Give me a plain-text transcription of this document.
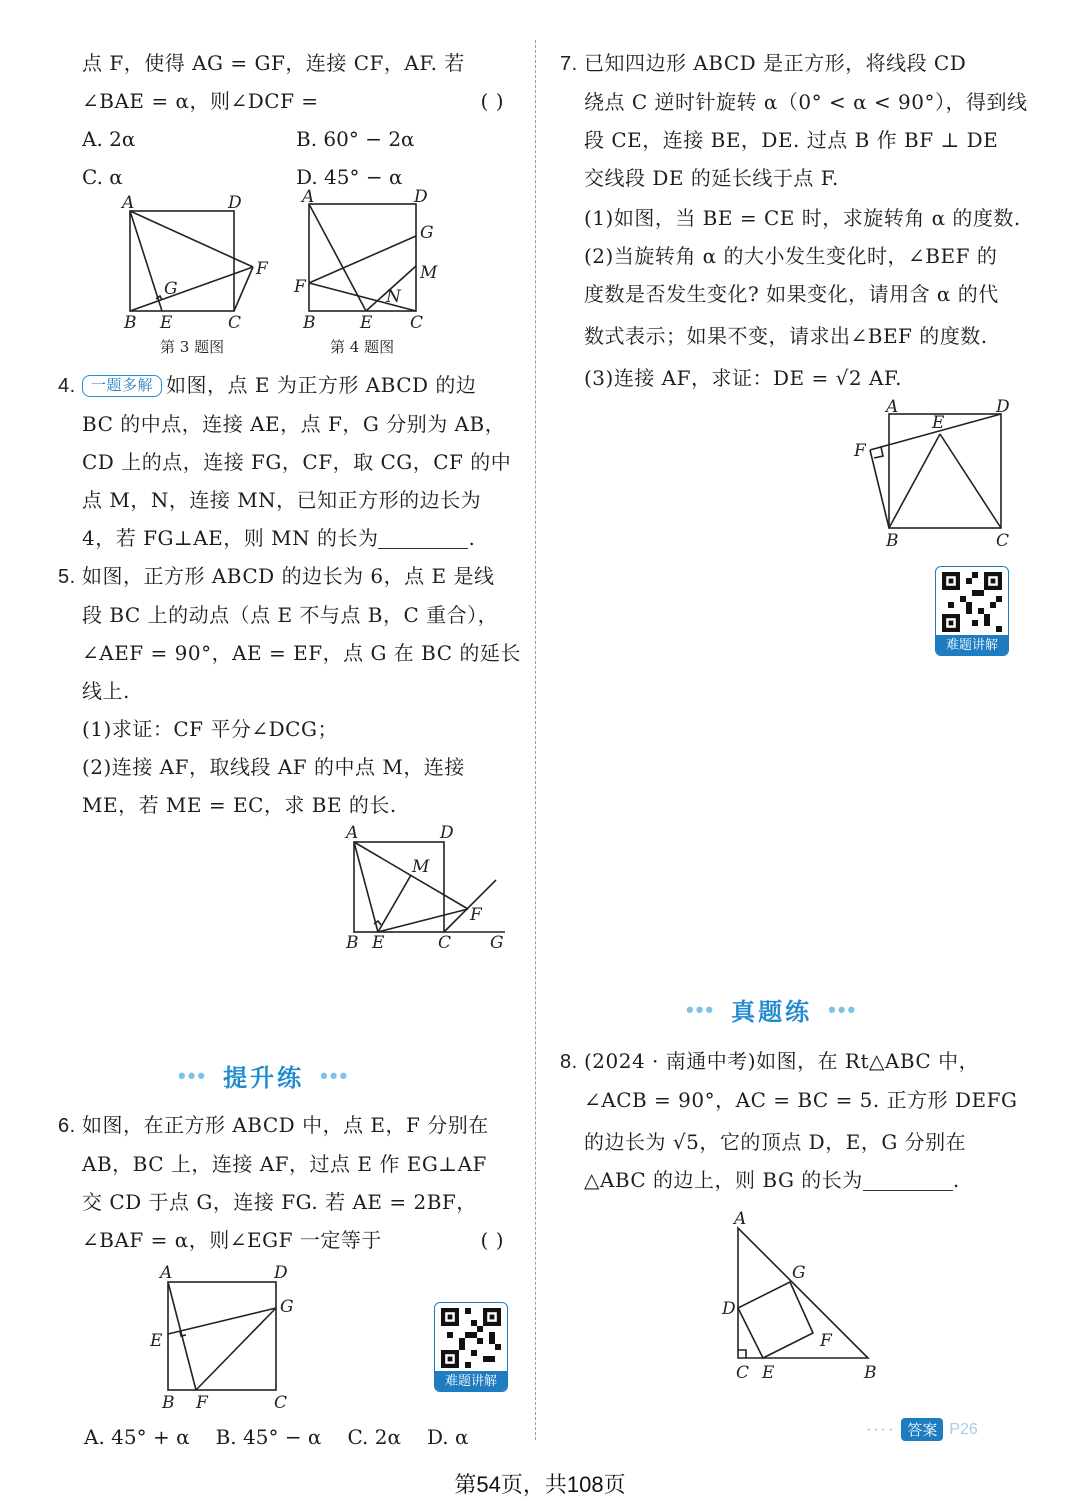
点 F，使得 AG = GF，连接 CF，AF. 若

∠BAE = α，则∠DCF =	( )

A. 2α	B. 60° − 2α
C. α	D. 45° − α
A	D
F
G
B E	C
第 3 题图
A	D
G
M
F	N
B	E C
第 4 题图

4. 一题多解 如图，点 E 为正方形 ABCD 的边

BC 的中点，连接 AE，点 F，G 分别为 AB，

CD 上的点，连接 FG，CF，取 CG，CF 的中

点 M，N，连接 MN，已知正方形的边长为

4，若 FG⊥AE，则 MN 的长为	.

5. 如图，正方形 ABCD 的边长为 6，点 E 是线

段 BC 上的动点（点 E 不与点 B，C 重合），

∠AEF = 90°，AE = EF，点 G 在 BC 的延长

线上.

(1)求证：CF 平分∠DCG；

(2)连接 AF，取线段 AF 的中点 M，连接

ME，若 ME = EC，求 BE 的长.

A	D
M
F
B E	C G
••• 提升练 •••

6. 如图，在正方形 ABCD 中，点 E，F 分别在

AB，BC 上，连接 AF，过点 E 作 EG⊥AF

交 CD 于点 G，连接 FG. 若 AE = 2BF，

∠BAF = α，则∠EGF 一定等于	( )

A	D
G
E
B F	C
难题讲解
A. 45° + α B. 45° − α C. 2α D. α

7. 已知四边形 ABCD 是正方形，将线段 CD

绕点 C 逆时针旋转 α（0° < α < 90°），得到线

段 CE，连接 BE，DE. 过点 B 作 BF ⊥ DE

交线段 DE 的延长线于点 F.

(1)如图，当 BE = CE 时，求旋转角 α 的度数.

(2)当旋转角 α 的大小发生变化时，∠BEF 的

度数是否发生变化? 如果变化，请用含 α 的代

数式表示；如果不变，请求出∠BEF 的度数.

(3)连接 AF，求证：DE = √2 AF.

A	D
E
F
B	C
难题讲解
••• 真题练 •••

8. (2024 · 南通中考)如图，在 Rt△ABC 中，

∠ACB = 90°，AC = BC = 5. 正方形 DEFG

的边长为 √5，它的顶点 D，E，G 分别在

△ABC 的边上，则 BG 的长为	.

A
G
D
F
C E	B
···· 答案 P26
第54页，共108页
